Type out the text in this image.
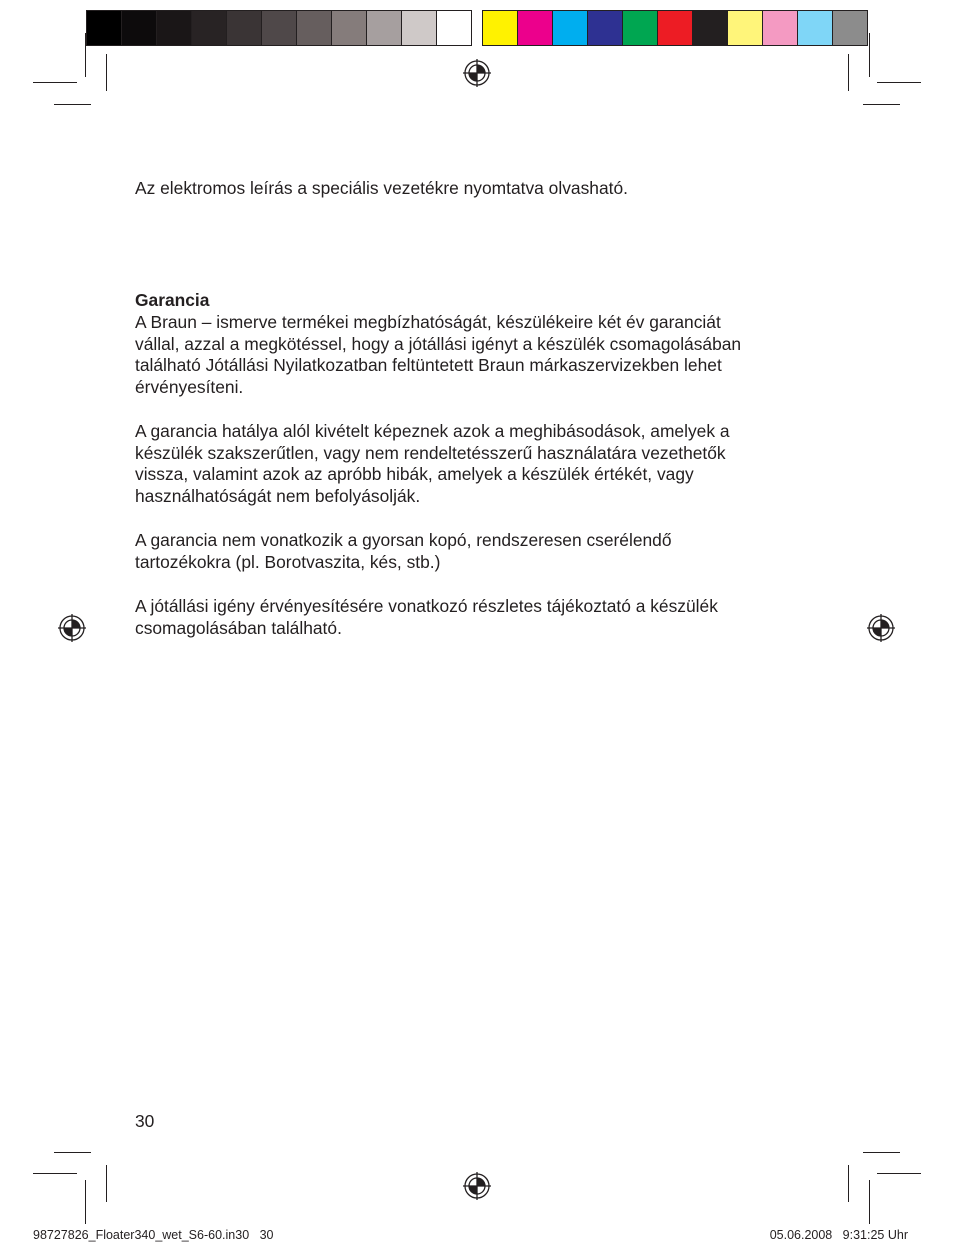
Az elektromos leírás a speciális vezetékre nyomtatva olvasható.
Garancia
A Braun – ismerve termékei megbízhatóságát, készülékeire két év garanciát
vállal, azzal a megkötéssel, hogy a jótállási igényt a készülék csomagolásában
található Jótállási Nyilatkozatban feltüntetett Braun márkaszervizekben lehet
érvényesíteni.
A garancia hatálya alól kivételt képeznek azok a meghibásodások, amelyek a
készülék szakszerűtlen, vagy nem rendeltetésszerű használatára vezethetők
vissza, valamint azok az apróbb hibák, amelyek a készülék értékét, vagy
használhatóságát nem befolyásolják.
A garancia nem vonatkozik a gyorsan kopó, rendszeresen cserélendő
tartozékokra (pl. Borotvaszita, kés, stb.)
A jótállási igény érvényesítésére vonatkozó részletes tájékoztató a készülék
csomagolásában található.
30
98727826_Floater340_wet_S6-60.in30   30	05.06.2008   9:31:25 Uhr
